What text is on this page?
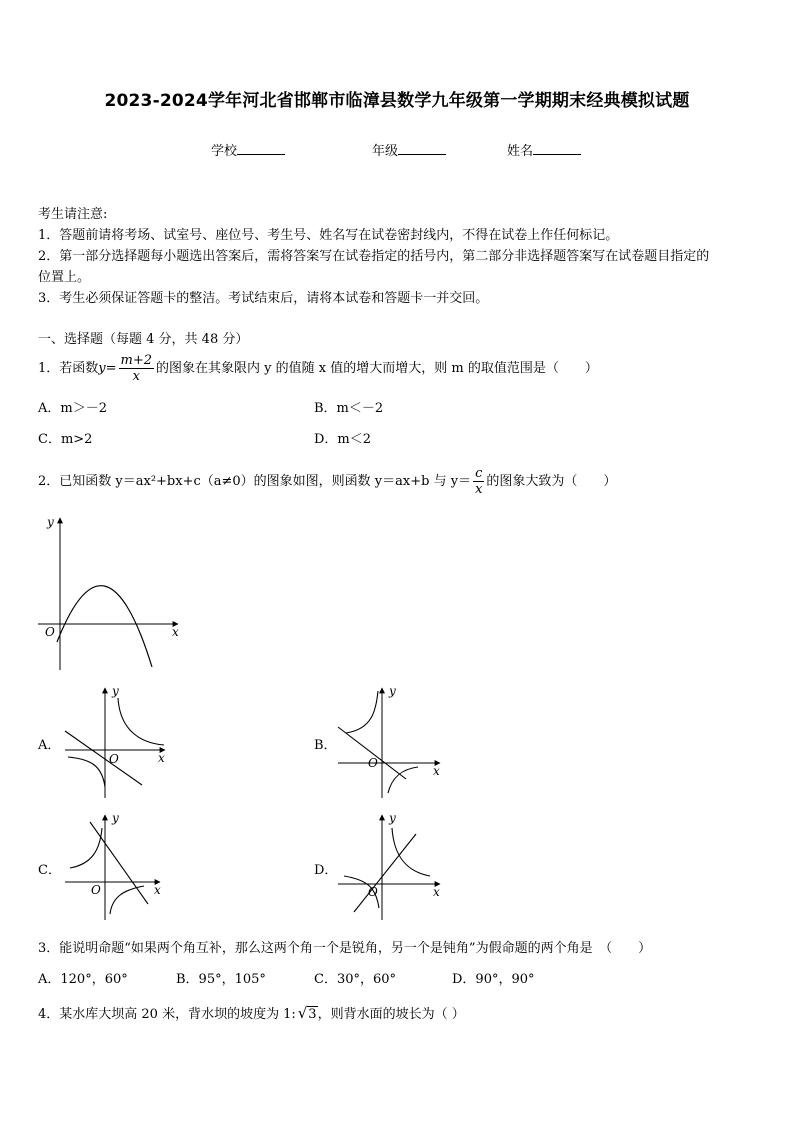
2023-2024学年河北省邯郸市临漳县数学九年级第一学期期末经典模拟试题
学校	年级	姓名
考生请注意:
1．答题前请将考场、试室号、座位号、考生号、姓名写在试卷密封线内，不得在试卷上作任何标记。
2．第一部分选择题每小题选出答案后，需将答案写在试卷指定的括号内，第二部分非选择题答案写在试卷题目指定的
位置上。
3．考生必须保证答题卡的整洁。考试结束后，请将本试卷和答题卡一并交回。
一、选择题（每题 4 分，共 48 分）
1．若函数$y= \frac{m+2}{x}$ 的图象在其象限内 y 的值随 x 值的增大而增大，则 m 的取值范围是（　　）
A．m＞－2	B．m＜－2
C．m>2	D．m＜2
2．已知函数 y＝ax²+bx+c（a≠0）的图象如图，则函数 y＝ax+b 与 $y= \frac{c}{x}$ 的图象大致为（　　）
y
x
O
A．
y
x
O
B．
y
x
O
C．
y
x
O
D．
y
x
O
3．能说明命题“如果两个角互补，那么这两个角一个是锐角，另一个是钝角”为假命题的两个角是　（　　）
A．120°，60°	B．95°，105°	C．30°，60°	D．90°，90°
4．某水库大坝高 20 米，背水坝的坡度为 1: √3，则背水面的坡长为（ ）
